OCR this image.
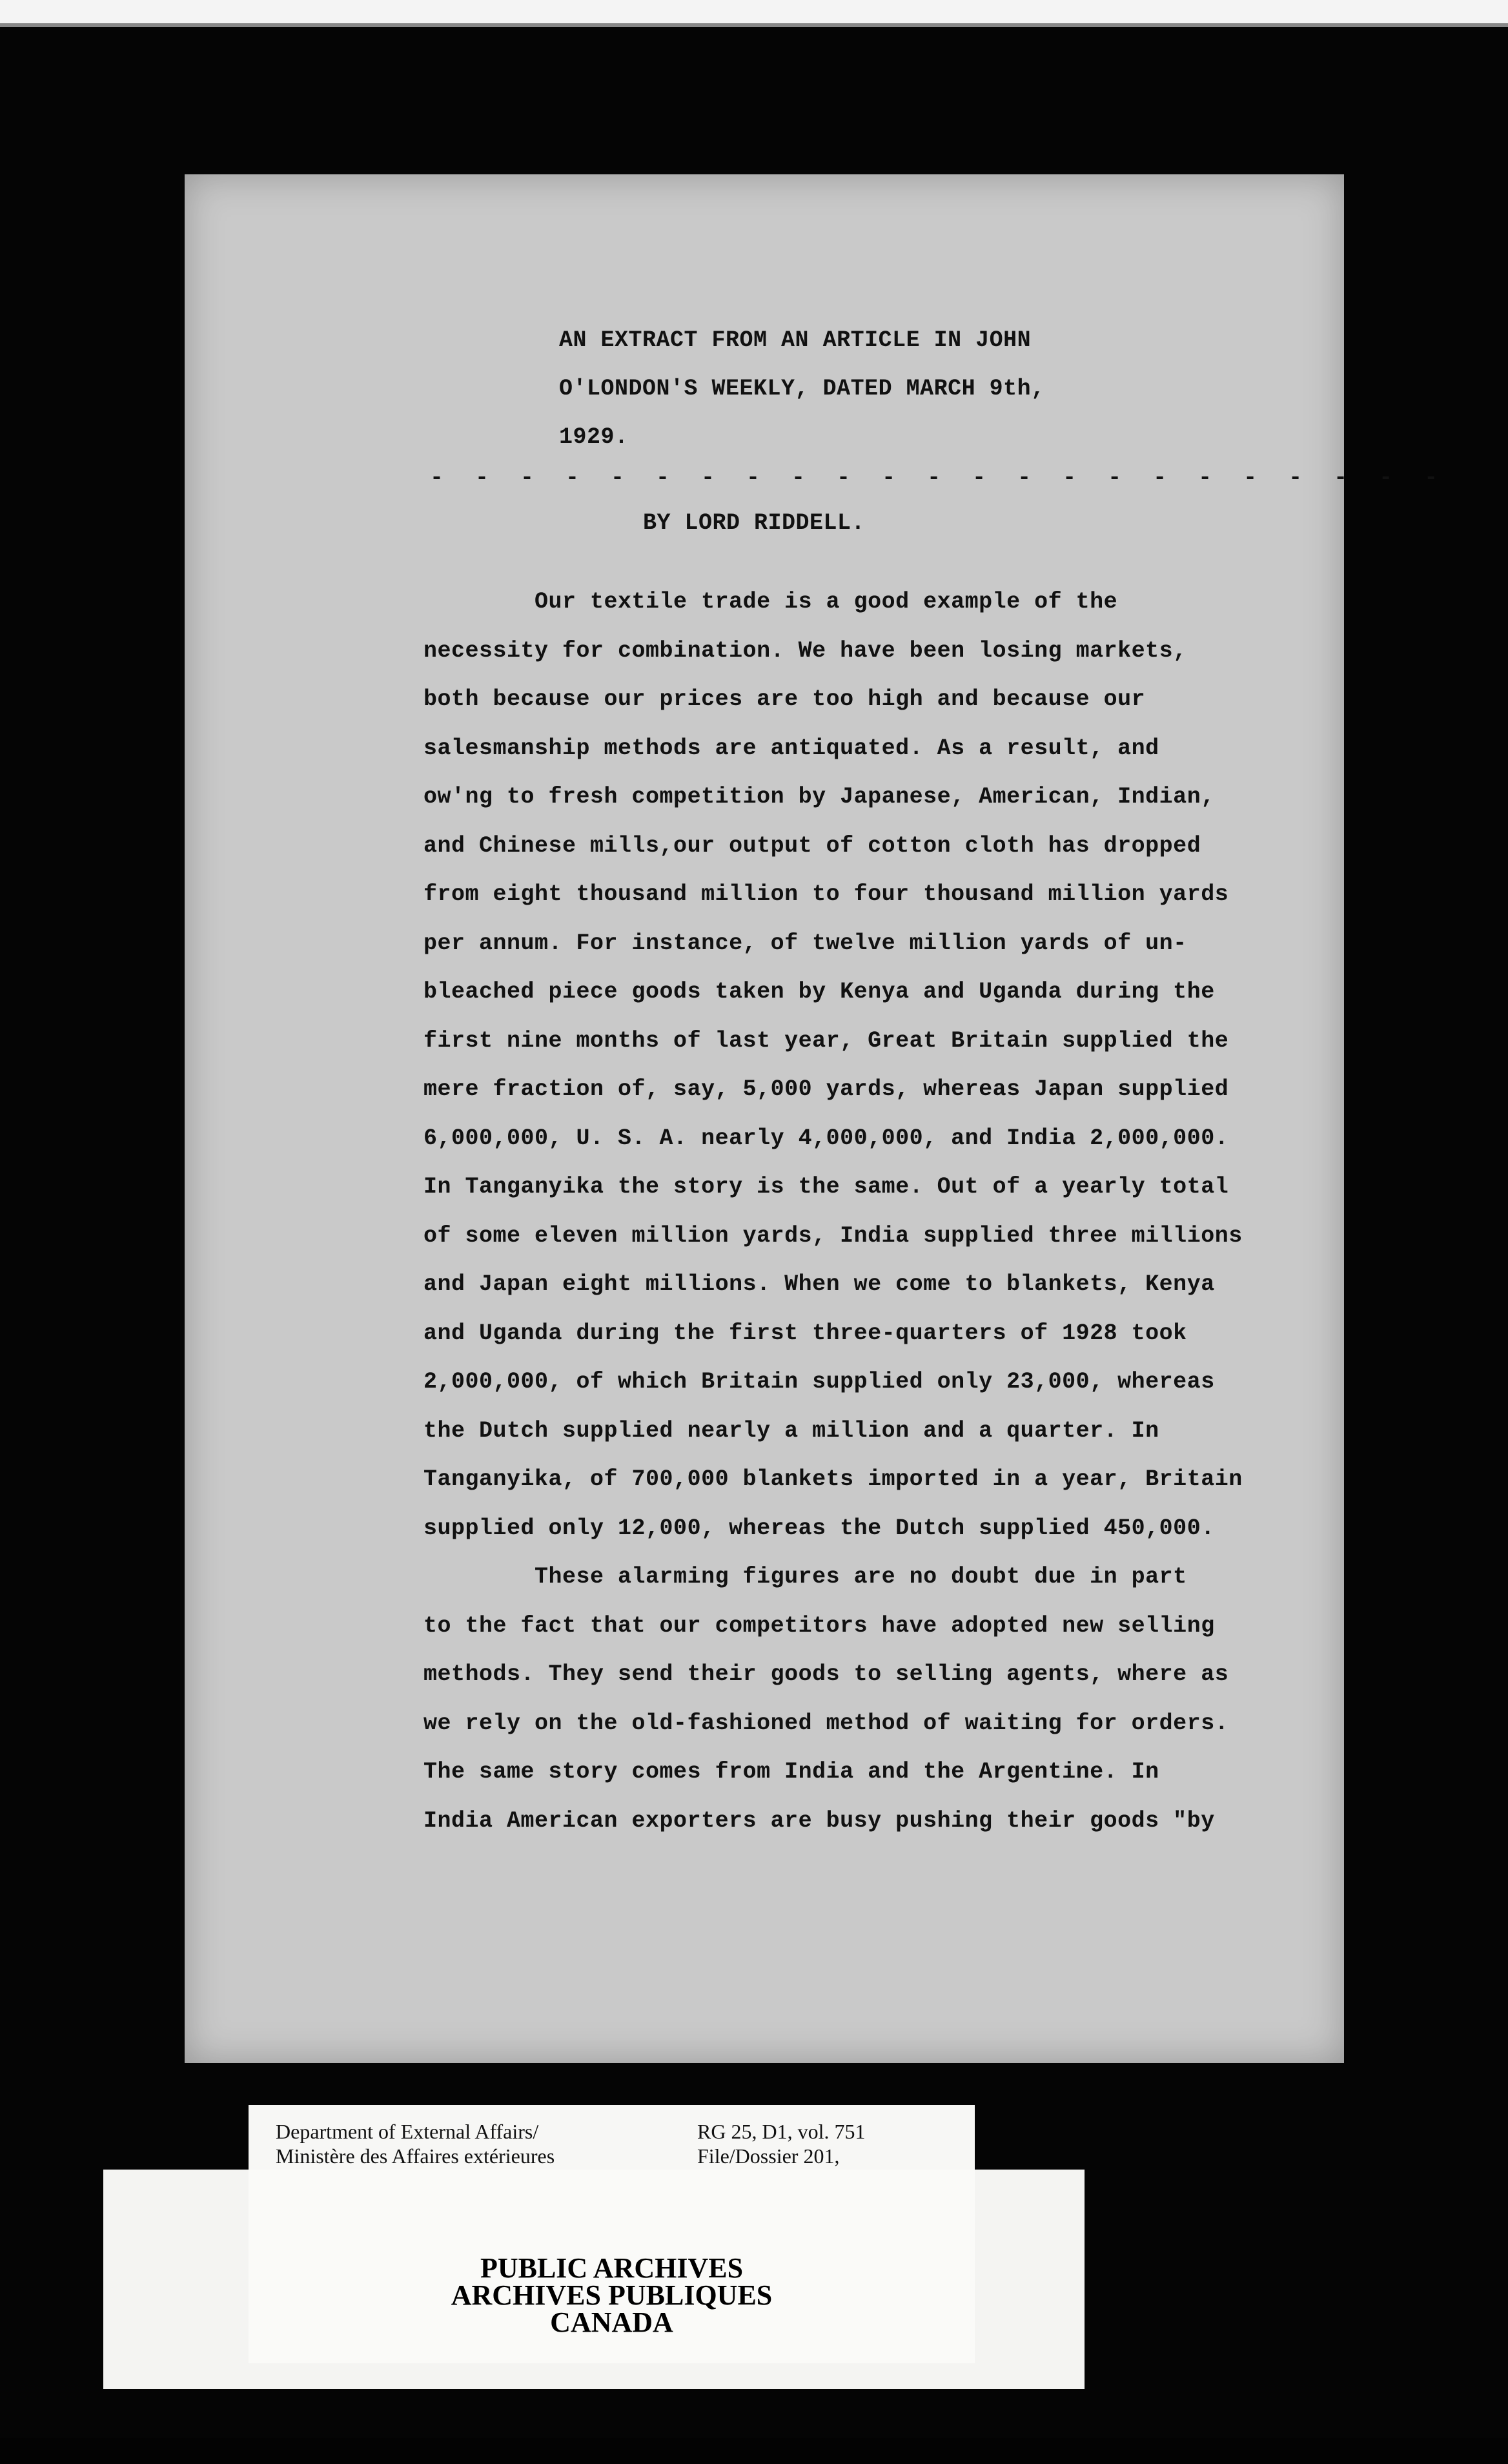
AN EXTRACT FROM AN ARTICLE IN JOHN
O'LONDON'S WEEKLY, DATED MARCH 9th,
1929.
- - - - - - - - - - - - - - - - - - - - - - -
BY LORD RIDDELL.
Our textile trade is a good example of the
necessity for combination. We have been losing markets,
both because our prices are too high and because our
salesmanship methods are antiquated. As a result, and
ow'ng to fresh competition by Japanese, American, Indian,
and Chinese mills,our output of cotton cloth has dropped
from eight thousand million to four thousand million yards
per annum. For instance, of twelve million yards of un-
bleached piece goods taken by Kenya and Uganda during the
first nine months of last year, Great Britain supplied the
mere fraction of, say, 5,000 yards, whereas Japan supplied
6,000,000, U. S. A. nearly 4,000,000, and India 2,000,000.
In Tanganyika the story is the same. Out of a yearly total
of some eleven million yards, India supplied three millions
and Japan eight millions. When we come to blankets, Kenya
and Uganda during the first three-quarters of 1928 took
2,000,000, of which Britain supplied only 23,000, whereas
the Dutch supplied nearly a million and a quarter. In
Tanganyika, of 700,000 blankets imported in a year, Britain
supplied only 12,000, whereas the Dutch supplied 450,000.
These alarming figures are no doubt due in part
to the fact that our competitors have adopted new selling
methods. They send their goods to selling agents, where as
we rely on the old-fashioned method of waiting for orders.
The same story comes from India and the Argentine. In
India American exporters are busy pushing their goods "by
Department of External Affairs/
Ministère des Affaires extérieures
RG 25, D1, vol. 751
File/Dossier 201,
PUBLIC ARCHIVES
ARCHIVES PUBLIQUES
CANADA
